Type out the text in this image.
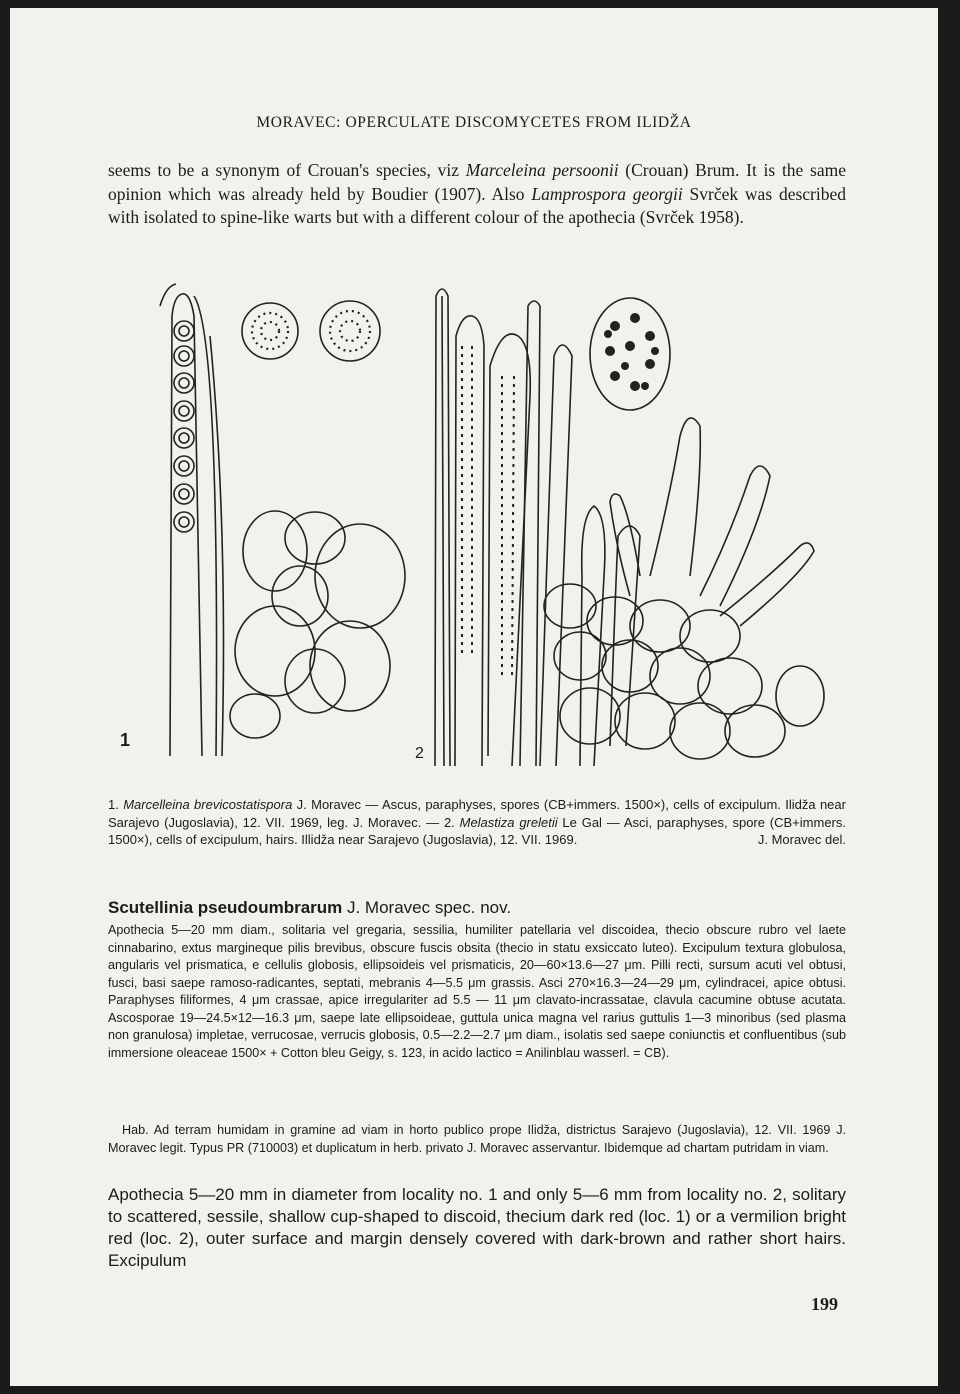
MORAVEC: OPERCULATE DISCOMYCETES FROM ILIDŽA

seems to be a synonym of Crouan's species, viz Marceleina persoonii (Crouan) Brum. It is the same opinion which was already held by Boudier (1907). Also Lamprospora georgii Svrček was described with isolated to spine-like warts but with a different colour of the apothecia (Svrček 1958).

1
2

1. Marcelleina brevicostatispora J. Moravec — Ascus, paraphyses, spores (CB+immers. 1500×), cells of excipulum. Ilidža near Sarajevo (Jugoslavia), 12. VII. 1969, leg. J. Moravec. — 2. Melastiza greletii Le Gal — Asci, paraphyses, spore (CB+immers. 1500×), cells of excipulum, hairs. Illidža near Sarajevo (Jugoslavia), 12. VII. 1969.	J. Moravec del.

Scutellinia pseudoumbrarum J. Moravec spec. nov.

Apothecia 5—20 mm diam., solitaria vel gregaria, sessilia, humiliter patellaria vel discoidea, thecio obscure rubro vel laete cinnabarino, extus margineque pilis brevibus, obscure fuscis obsita (thecio in statu exsiccato luteo). Excipulum textura globulosa, angularis vel prismatica, e cellulis globosis, ellipsoideis vel prismaticis, 20—60×13.6—27 μm. Pilli recti, sursum acuti vel obtusi, fusci, basi saepe ramoso-radicantes, septati, mebranis 4—5.5 μm grassis. Asci 270×16.3—24—29 μm, cylindracei, apice obtusi. Paraphyses filiformes, 4 μm crassae, apice irregulariter ad 5.5 — 11 μm clavato-incrassatae, clavula cacumine obtuse acutata. Ascosporae 19—24.5×12—16.3 μm, saepe late ellipsoideae, guttula unica magna vel rarius guttulis 1—3 minoribus (sed plasma non granulosa) impletae, verrucosae, verrucis globosis, 0.5—2.2—2.7 μm diam., isolatis sed saepe coniunctis et confluentibus (sub immersione oleaceae 1500× + Cotton bleu Geigy, s. 123, in acido lactico = Anilinblau wasserl. = CB).

Hab. Ad terram humidam in gramine ad viam in horto publico prope Ilidža, districtus Sarajevo (Jugoslavia), 12. VII. 1969 J. Moravec legit. Typus PR (710003) et duplicatum in herb. privato J. Moravec asservantur. Ibidemque ad chartam putridam in viam.

Apothecia 5—20 mm in diameter from locality no. 1 and only 5—6 mm from locality no. 2, solitary to scattered, sessile, shallow cup-shaped to discoid, thecium dark red (loc. 1) or a vermilion bright red (loc. 2), outer surface and margin densely covered with dark-brown and rather short hairs. Excipulum

199
